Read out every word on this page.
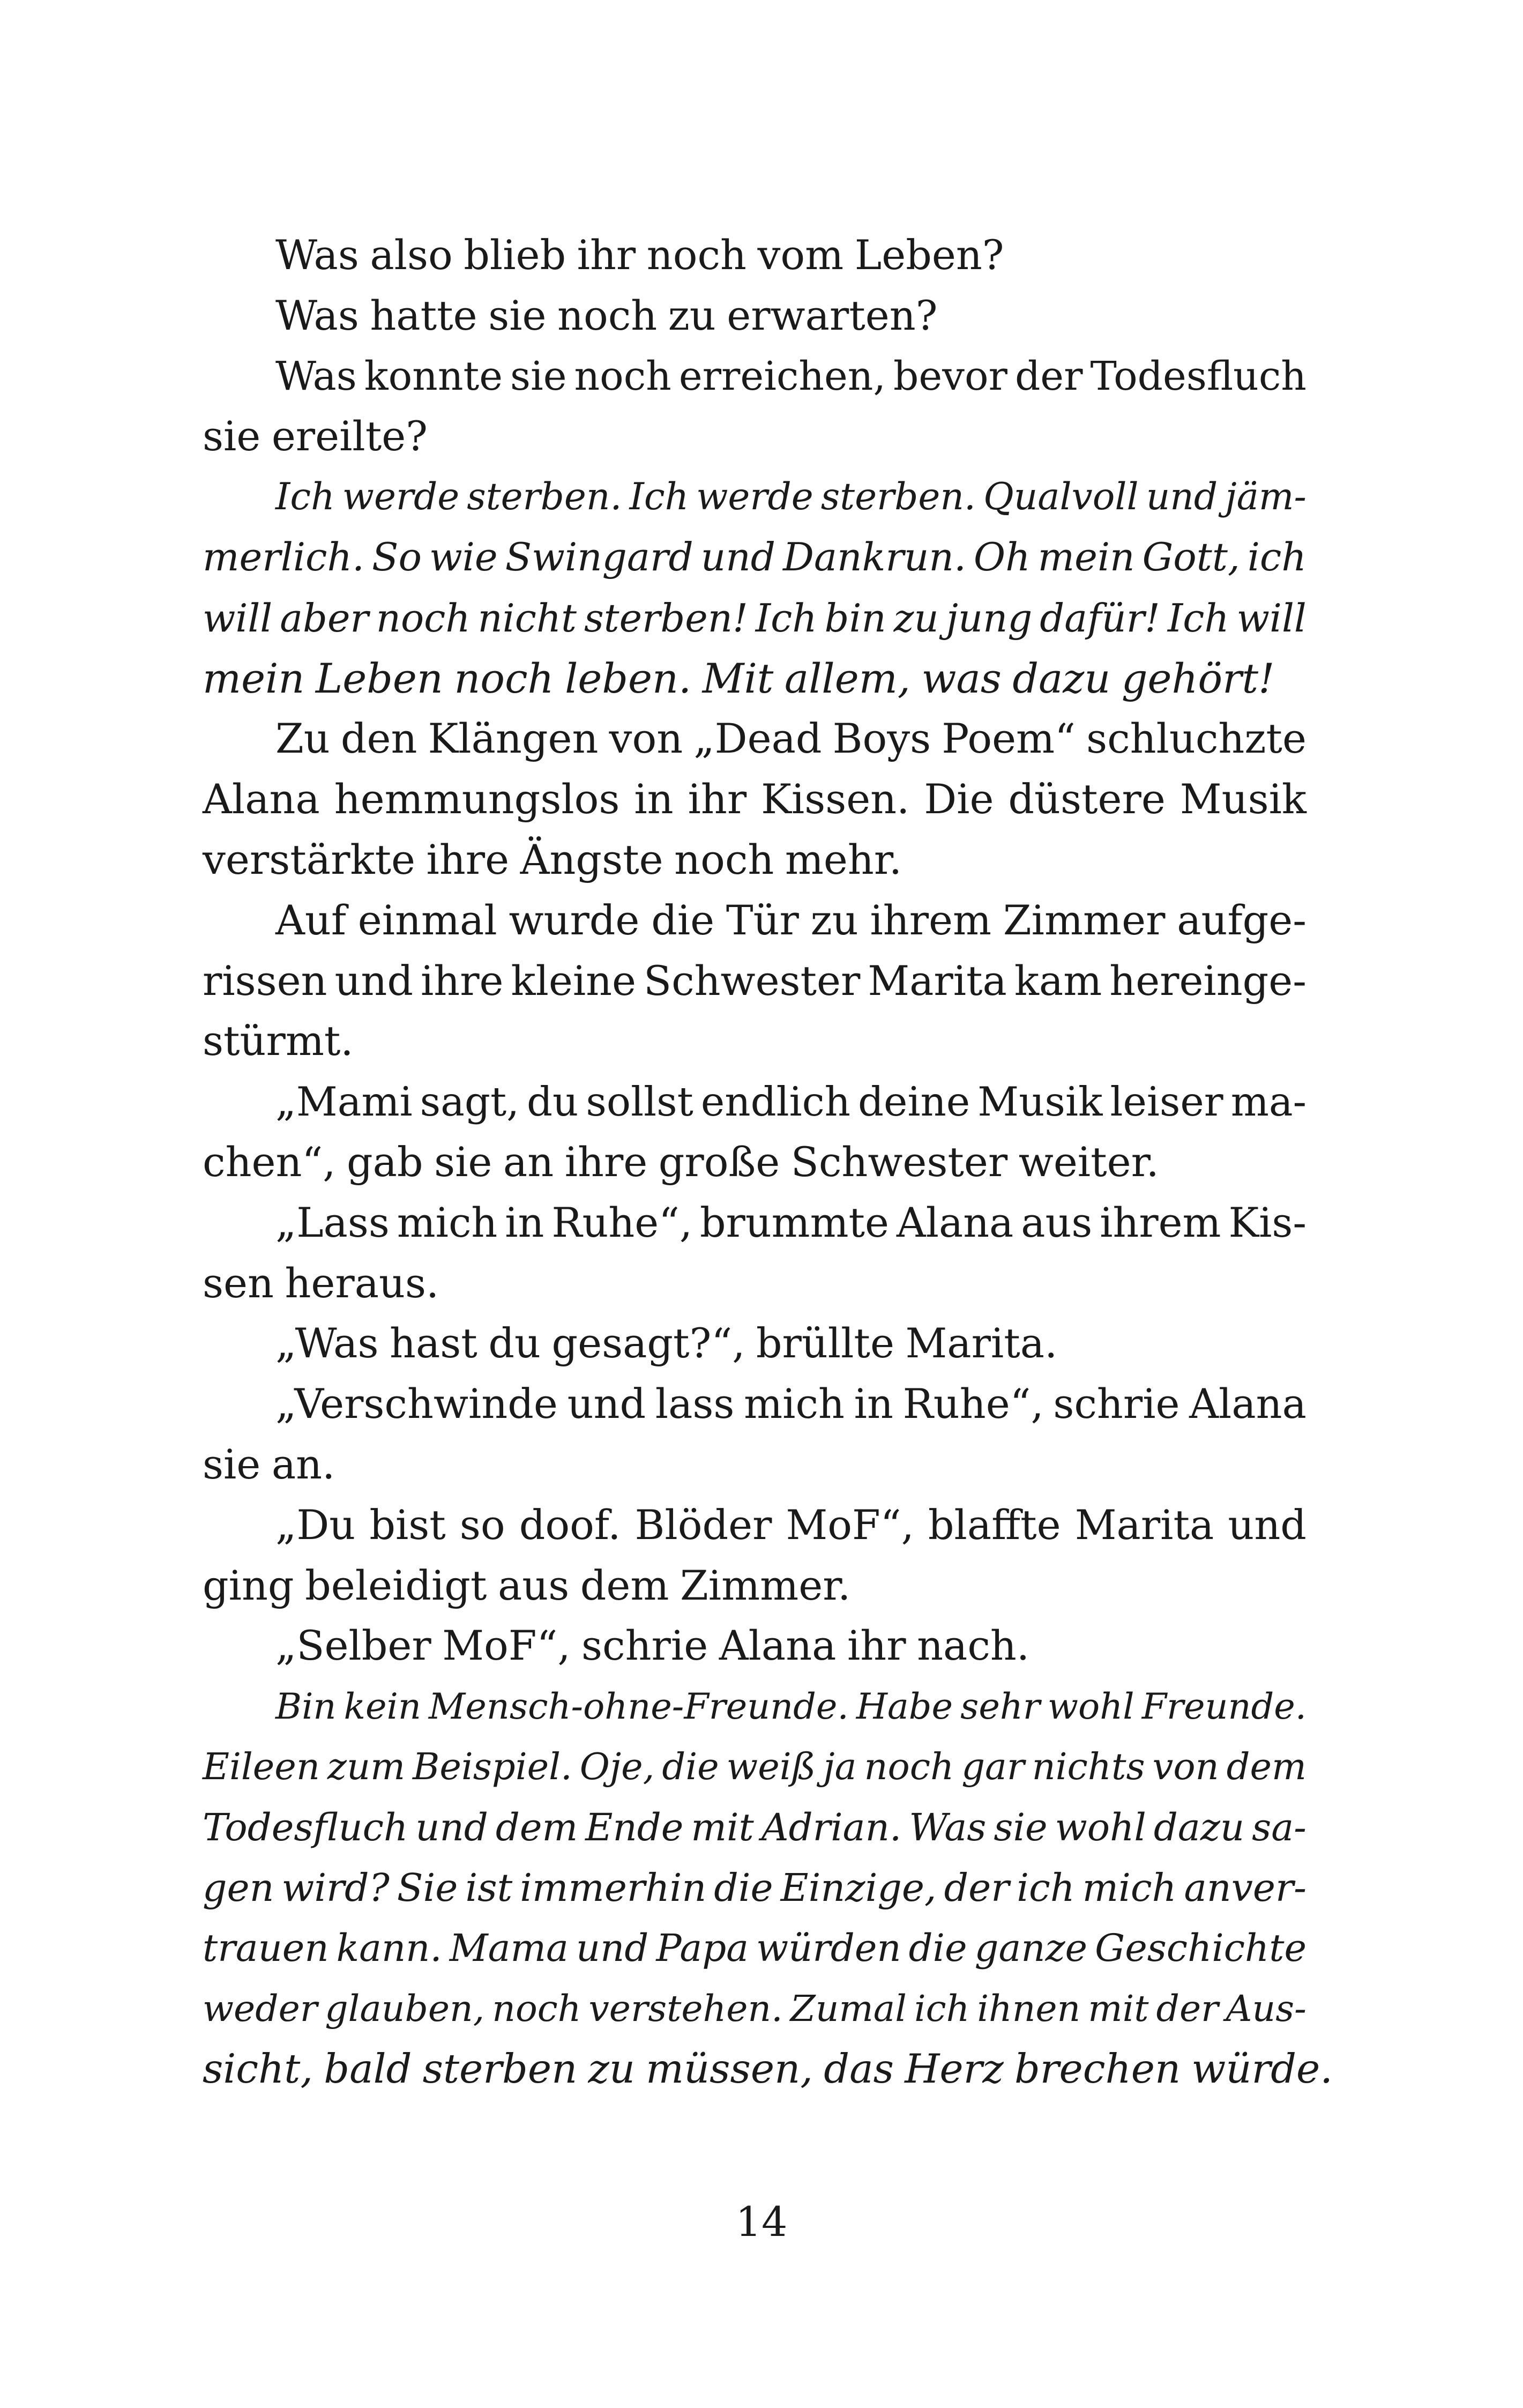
Was also blieb ihr noch vom Leben?
Was hatte sie noch zu erwarten?
Was konnte sie noch erreichen, bevor der Todesfluch
sie ereilte?
Ich werde sterben. Ich werde sterben. Qualvoll und jäm-
merlich. So wie Swingard und Dankrun. Oh mein Gott, ich
will aber noch nicht sterben! Ich bin zu jung dafür! Ich will
mein Leben noch leben. Mit allem, was dazu gehört!
Zu den Klängen von „Dead Boys Poem“ schluchzte
Alana hemmungslos in ihr Kissen. Die düstere Musik
verstärkte ihre Ängste noch mehr.
Auf einmal wurde die Tür zu ihrem Zimmer aufge-
rissen und ihre kleine Schwester Marita kam hereinge-
stürmt.
„Mami sagt, du sollst endlich deine Musik leiser ma-
chen“, gab sie an ihre große Schwester weiter.
„Lass mich in Ruhe“, brummte Alana aus ihrem Kis-
sen heraus.
„Was hast du gesagt?“, brüllte Marita.
„Verschwinde und lass mich in Ruhe“, schrie Alana
sie an.
„Du bist so doof. Blöder MoF“, blaffte Marita und
ging beleidigt aus dem Zimmer.
„Selber MoF“, schrie Alana ihr nach.
Bin kein Mensch-ohne-Freunde. Habe sehr wohl Freunde.
Eileen zum Beispiel. Oje, die weiß ja noch gar nichts von dem
Todesfluch und dem Ende mit Adrian. Was sie wohl dazu sa-
gen wird? Sie ist immerhin die Einzige, der ich mich anver-
trauen kann. Mama und Papa würden die ganze Geschichte
weder glauben, noch verstehen. Zumal ich ihnen mit der Aus-
sicht, bald sterben zu müssen, das Herz brechen würde.
14
